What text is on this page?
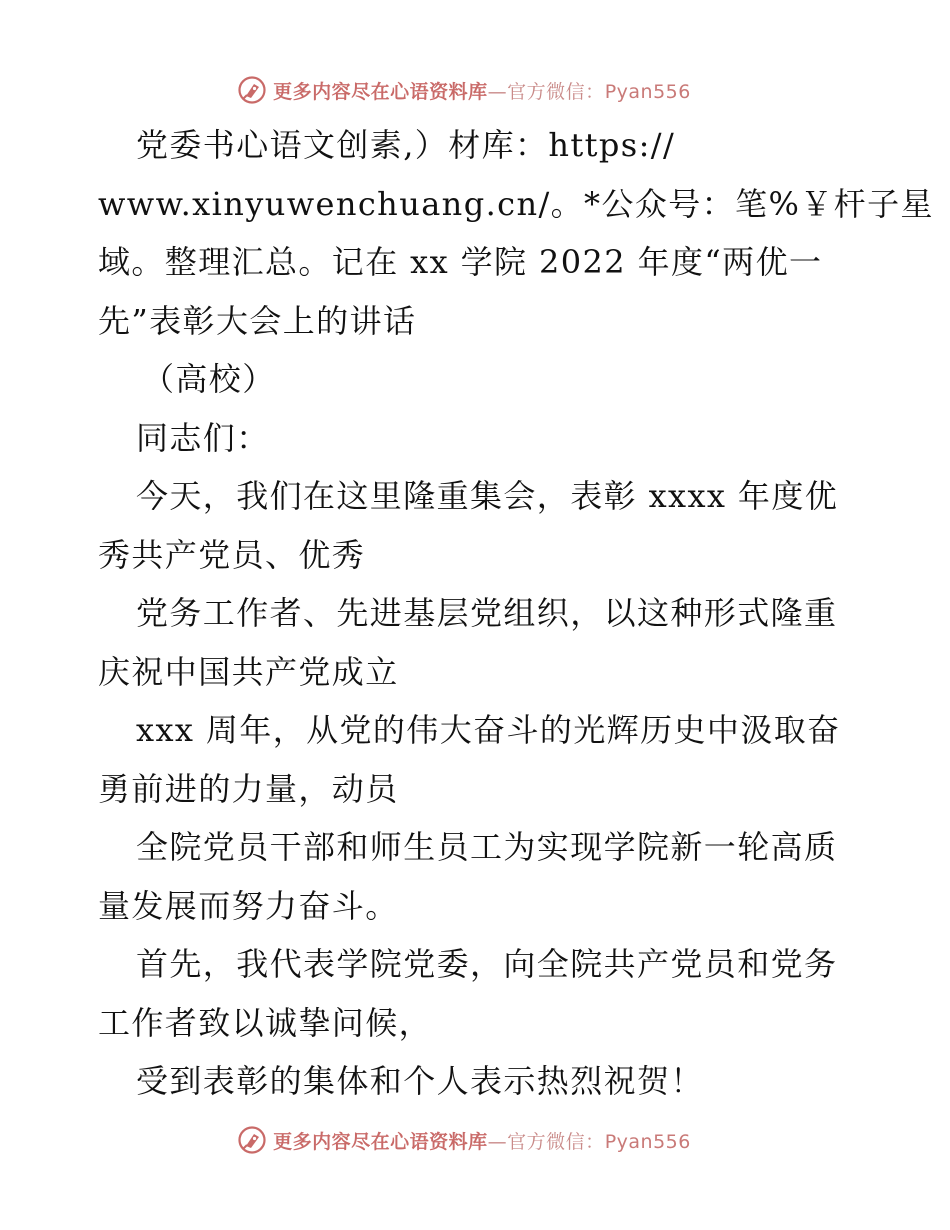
更多内容尽在心语资料库—官方微信：Pyan556
党委书心语文创素,）材库：https://
www.xinyuwenchuang.cn/。*公众号：笔%￥杆子星
域。整理汇总。记在 xx 学院 2022 年度“两优一
先”表彰大会上的讲话
（高校）
同志们：
今天，我们在这里隆重集会，表彰 xxxx 年度优
秀共产党员、优秀
党务工作者、先进基层党组织，以这种形式隆重
庆祝中国共产党成立
xxx 周年，从党的伟大奋斗的光辉历史中汲取奋
勇前进的力量，动员
全院党员干部和师生员工为实现学院新一轮高质
量发展而努力奋斗。
首先，我代表学院党委，向全院共产党员和党务
工作者致以诚挚问候，
受到表彰的集体和个人表示热烈祝贺！
更多内容尽在心语资料库—官方微信：Pyan556
